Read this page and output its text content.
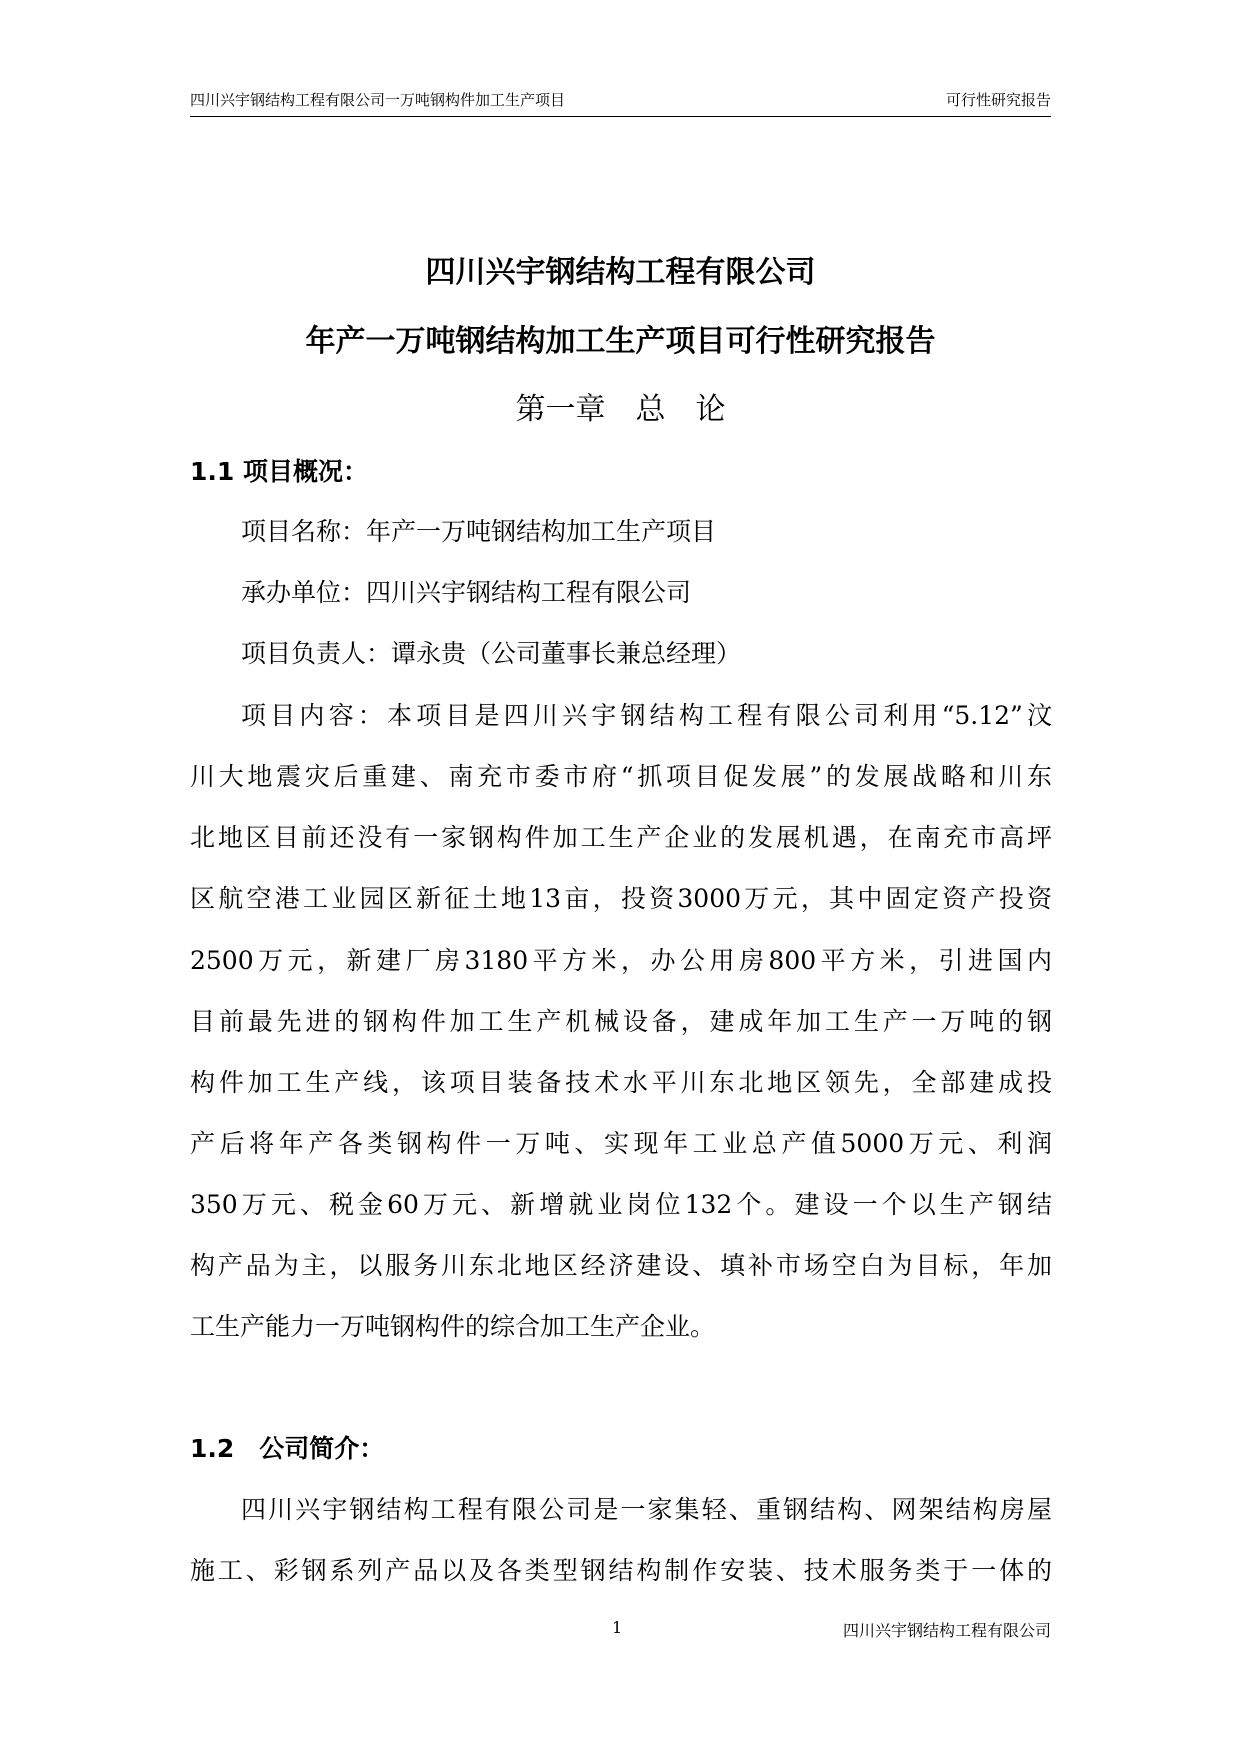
四川兴宇钢结构工程有限公司一万吨钢构件加工生产项目	可行性研究报告
四川兴宇钢结构工程有限公司
年产一万吨钢结构加工生产项目可行性研究报告
第一章　总　论
1.1 项目概况：
项目名称：年产一万吨钢结构加工生产项目
承办单位：四川兴宇钢结构工程有限公司
项目负责人：谭永贵（公司董事长兼总经理）
项目内容：本项目是四川兴宇钢结构工程有限公司利用“5.12”汶
川大地震灾后重建、南充市委市府“抓项目促发展”的发展战略和川东
北地区目前还没有一家钢构件加工生产企业的发展机遇，在南充市高坪
区航空港工业园区新征土地13亩，投资3000万元，其中固定资产投资
2500万元，新建厂房3180平方米，办公用房800平方米，引进国内
目前最先进的钢构件加工生产机械设备，建成年加工生产一万吨的钢
构件加工生产线，该项目装备技术水平川东北地区领先，全部建成投
产后将年产各类钢构件一万吨、实现年工业总产值5000万元、利润
350万元、税金60万元、新增就业岗位132个。建设一个以生产钢结
构产品为主，以服务川东北地区经济建设、填补市场空白为目标，年加
工生产能力一万吨钢构件的综合加工生产企业。
1.2　公司简介：
四川兴宇钢结构工程有限公司是一家集轻、重钢结构、网架结构房屋
施工、彩钢系列产品以及各类型钢结构制作安装、技术服务类于一体的
1	四川兴宇钢结构工程有限公司
